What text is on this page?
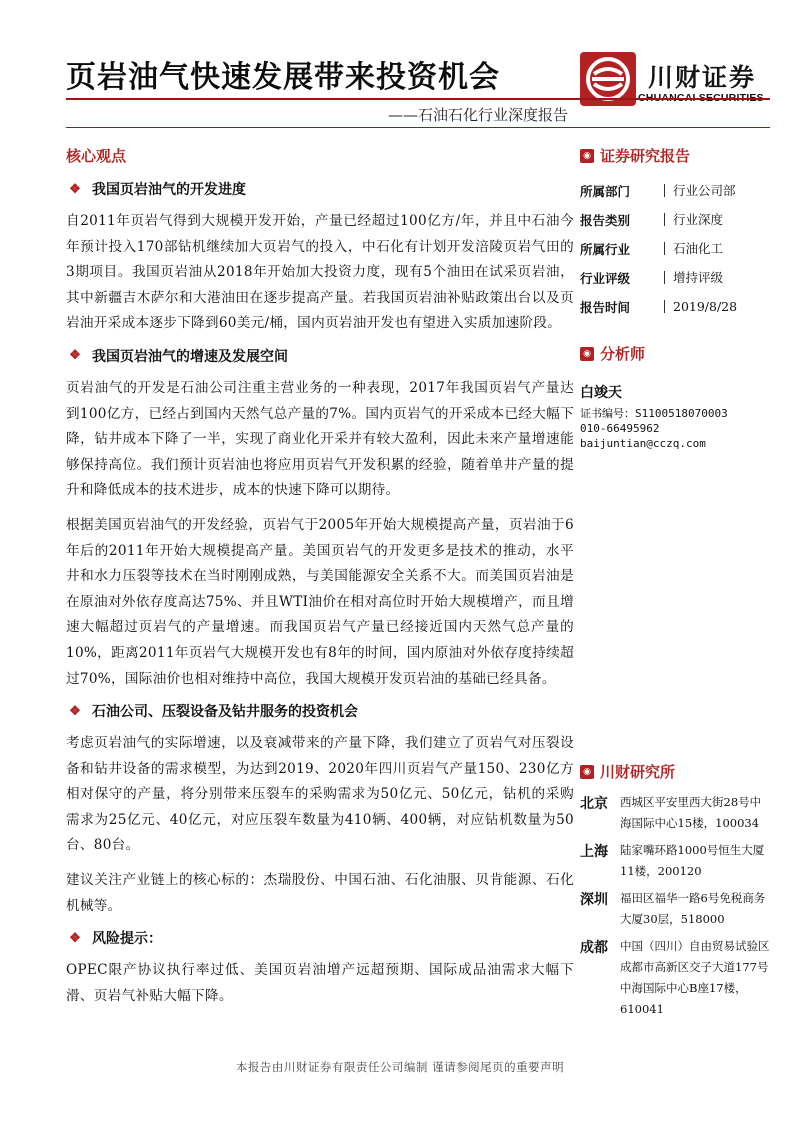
页岩油气快速发展带来投资机会
——石油石化行业深度报告
川财证券
核心观点
❖ 我国页岩油气的开发进度

自2011年页岩气得到大规模开发开始，产量已经超过100亿方/年，并且中石油今年预计投入170部钻机继续加大页岩气的投入，中石化有计划开发涪陵页岩气田的3期项目。我国页岩油从2018年开始加大投资力度，现有5个油田在试采页岩油，其中新疆吉木萨尔和大港油田在逐步提高产量。若我国页岩油补贴政策出台以及页岩油开采成本逐步下降到60美元/桶，国内页岩油开发也有望进入实质加速阶段。

❖ 我国页岩油气的增速及发展空间

页岩油气的开发是石油公司注重主营业务的一种表现，2017年我国页岩气产量达到100亿方，已经占到国内天然气总产量的7%。国内页岩气的开采成本已经大幅下降，钻井成本下降了一半，实现了商业化开采并有较大盈利，因此未来产量增速能够保持高位。我们预计页岩油也将应用页岩气开发积累的经验，随着单井产量的提升和降低成本的技术进步，成本的快速下降可以期待。

根据美国页岩油气的开发经验，页岩气于2005年开始大规模提高产量，页岩油于6年后的2011年开始大规模提高产量。美国页岩气的开发更多是技术的推动，水平井和水力压裂等技术在当时刚刚成熟，与美国能源安全关系不大。而美国页岩油是在原油对外依存度高达75%、并且WTI油价在相对高位时开始大规模增产，而且增速大幅超过页岩气的产量增速。而我国页岩气产量已经接近国内天然气总产量的10%，距离2011年页岩气大规模开发也有8年的时间，国内原油对外依存度持续超过70%，国际油价也相对维持中高位，我国大规模开发页岩油的基础已经具备。

❖ 石油公司、压裂设备及钻井服务的投资机会

考虑页岩油气的实际增速，以及衰减带来的产量下降，我们建立了页岩气对压裂设备和钻井设备的需求模型，为达到2019、2020年四川页岩气产量150、230亿方相对保守的产量，将分别带来压裂车的采购需求为50亿元、50亿元，钻机的采购需求为25亿元、40亿元，对应压裂车数量为410辆、400辆，对应钻机数量为50台、80台。

建议关注产业链上的核心标的：杰瑞股份、中国石油、石化油服、贝肯能源、石化机械等。

❖ 风险提示：

OPEC限产协议执行率过低、美国页岩油增产远超预期、国际成品油需求大幅下滑、页岩气补贴大幅下降。

◉ 证券研究报告
所属部门	行业公司部
报告类别	行业深度
所属行业	石油化工
行业评级	增持评级
报告时间	2019/8/28
◉ 分析师
白竣天
证书编号：S1100518070003
010-66495962
baijuntian@cczq.com
◉ 川财研究所
北京	西城区平安里西大街28号中海国际中心15楼，100034
上海	陆家嘴环路1000号恒生大厦11楼，200120
深圳	福田区福华一路6号免税商务大厦30层，518000
成都	中国（四川）自由贸易试验区成都市高新区交子大道177号中海国际中心B座17楼，610041
本报告由川财证券有限责任公司编制 谨请参阅尾页的重要声明
